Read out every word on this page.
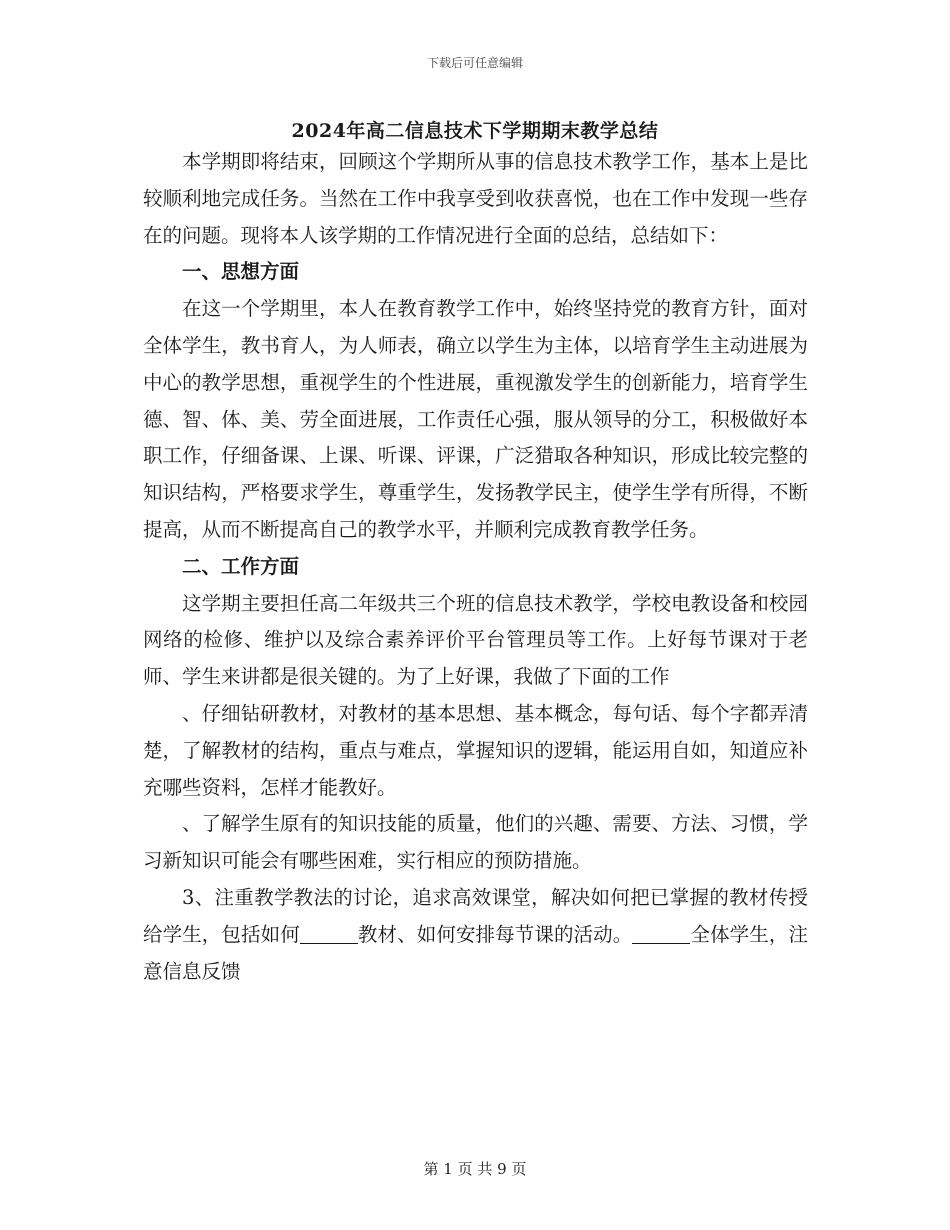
下载后可任意编辑
2024年高二信息技术下学期期末教学总结

本学期即将结束，回顾这个学期所从事的信息技术教学工作，基本上是比较顺利地完成任务。当然在工作中我享受到收获喜悦，也在工作中发现一些存在的问题。现将本人该学期的工作情况进行全面的总结，总结如下：

一、思想方面

在这一个学期里，本人在教育教学工作中，始终坚持党的教育方针，面对全体学生，教书育人，为人师表，确立以学生为主体，以培育学生主动进展为中心的教学思想，重视学生的个性进展，重视激发学生的创新能力，培育学生德、智、体、美、劳全面进展，工作责任心强，服从领导的分工，积极做好本职工作，仔细备课、上课、听课、评课，广泛猎取各种知识，形成比较完整的知识结构，严格要求学生，尊重学生，发扬教学民主，使学生学有所得，不断提高，从而不断提高自己的教学水平，并顺利完成教育教学任务。

二、工作方面

这学期主要担任高二年级共三个班的信息技术教学，学校电教设备和校园网络的检修、维护以及综合素养评价平台管理员等工作。上好每节课对于老师、学生来讲都是很关键的。为了上好课，我做了下面的工作

、仔细钻研教材，对教材的基本思想、基本概念，每句话、每个字都弄清楚，了解教材的结构，重点与难点，掌握知识的逻辑，能运用自如，知道应补充哪些资料，怎样才能教好。

、了解学生原有的知识技能的质量，他们的兴趣、需要、方法、习惯，学习新知识可能会有哪些困难，实行相应的预防措施。

3、注重教学教法的讨论，追求高效课堂，解决如何把已掌握的教材传授给学生，包括如何	教材、如何安排每节课的活动。	全体学生，注意信息反馈

第 1 页 共 9 页
